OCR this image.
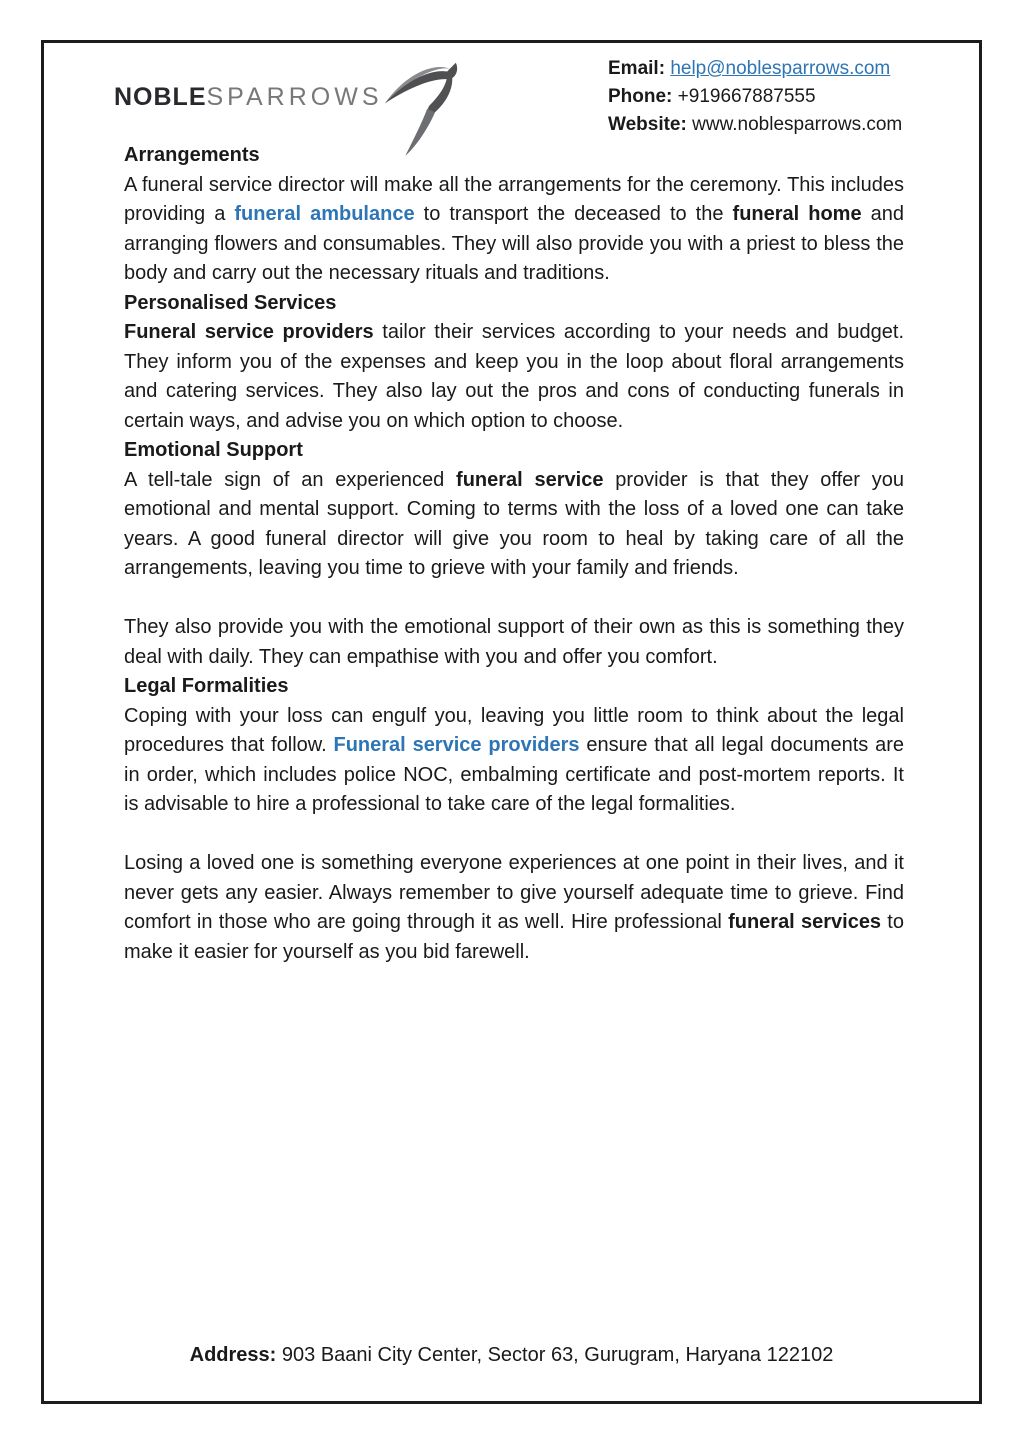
NOBLESPARROWS
Email: help@noblesparrows.com
Phone: +919667887555
Website: www.noblesparrows.com
Arrangements

A funeral service director will make all the arrangements for the ceremony. This includes providing a funeral ambulance to transport the deceased to the funeral home and arranging flowers and consumables. They will also provide you with a priest to bless the body and carry out the necessary rituals and traditions.

Personalised Services

Funeral service providers tailor their services according to your needs and budget. They inform you of the expenses and keep you in the loop about floral arrangements and catering services. They also lay out the pros and cons of conducting funerals in certain ways, and advise you on which option to choose.

Emotional Support

A tell-tale sign of an experienced funeral service provider is that they offer you emotional and mental support. Coming to terms with the loss of a loved one can take years. A good funeral director will give you room to heal by taking care of all the arrangements, leaving you time to grieve with your family and friends.

They also provide you with the emotional support of their own as this is something they deal with daily. They can empathise with you and offer you comfort.

Legal Formalities

Coping with your loss can engulf you, leaving you little room to think about the legal procedures that follow. Funeral service providers ensure that all legal documents are in order, which includes police NOC, embalming certificate and post-mortem reports. It is advisable to hire a professional to take care of the legal formalities.

Losing a loved one is something everyone experiences at one point in their lives, and it never gets any easier. Always remember to give yourself adequate time to grieve. Find comfort in those who are going through it as well. Hire professional funeral services to make it easier for yourself as you bid farewell.

Address: 903 Baani City Center, Sector 63, Gurugram, Haryana 122102
